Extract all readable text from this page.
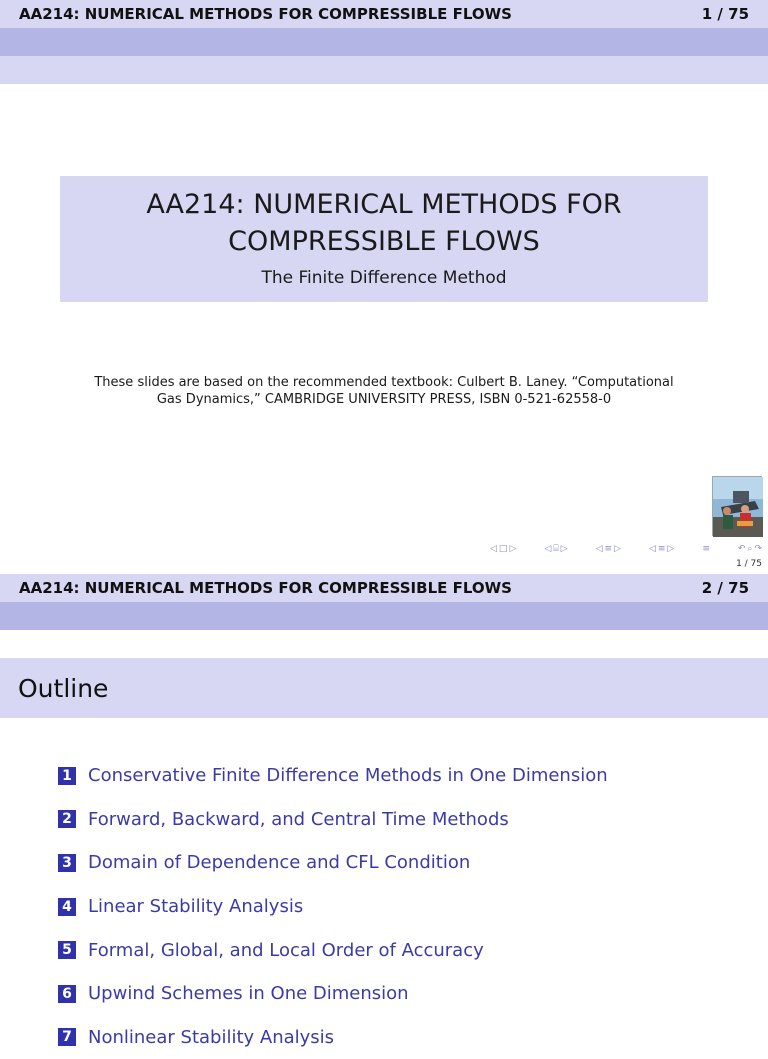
AA214: NUMERICAL METHODS FOR COMPRESSIBLE FLOWS	1 / 75
AA214: NUMERICAL METHODS FOR
COMPRESSIBLE FLOWS
The Finite Difference Method
These slides are based on the recommended textbook: Culbert B. Laney. “Computational
Gas Dynamics,” CAMBRIDGE UNIVERSITY PRESS, ISBN 0-521-62558-0
◁ □ ▷	◁ ⌸ ▷	◁ ≡ ▷	◁ ≡ ▷	≡	↶ ⌕ ↷
1 / 75
AA214: NUMERICAL METHODS FOR COMPRESSIBLE FLOWS	2 / 75
Outline
1 Conservative Finite Difference Methods in One Dimension
2 Forward, Backward, and Central Time Methods
3 Domain of Dependence and CFL Condition
4 Linear Stability Analysis
5 Formal, Global, and Local Order of Accuracy
6 Upwind Schemes in One Dimension
7 Nonlinear Stability Analysis
